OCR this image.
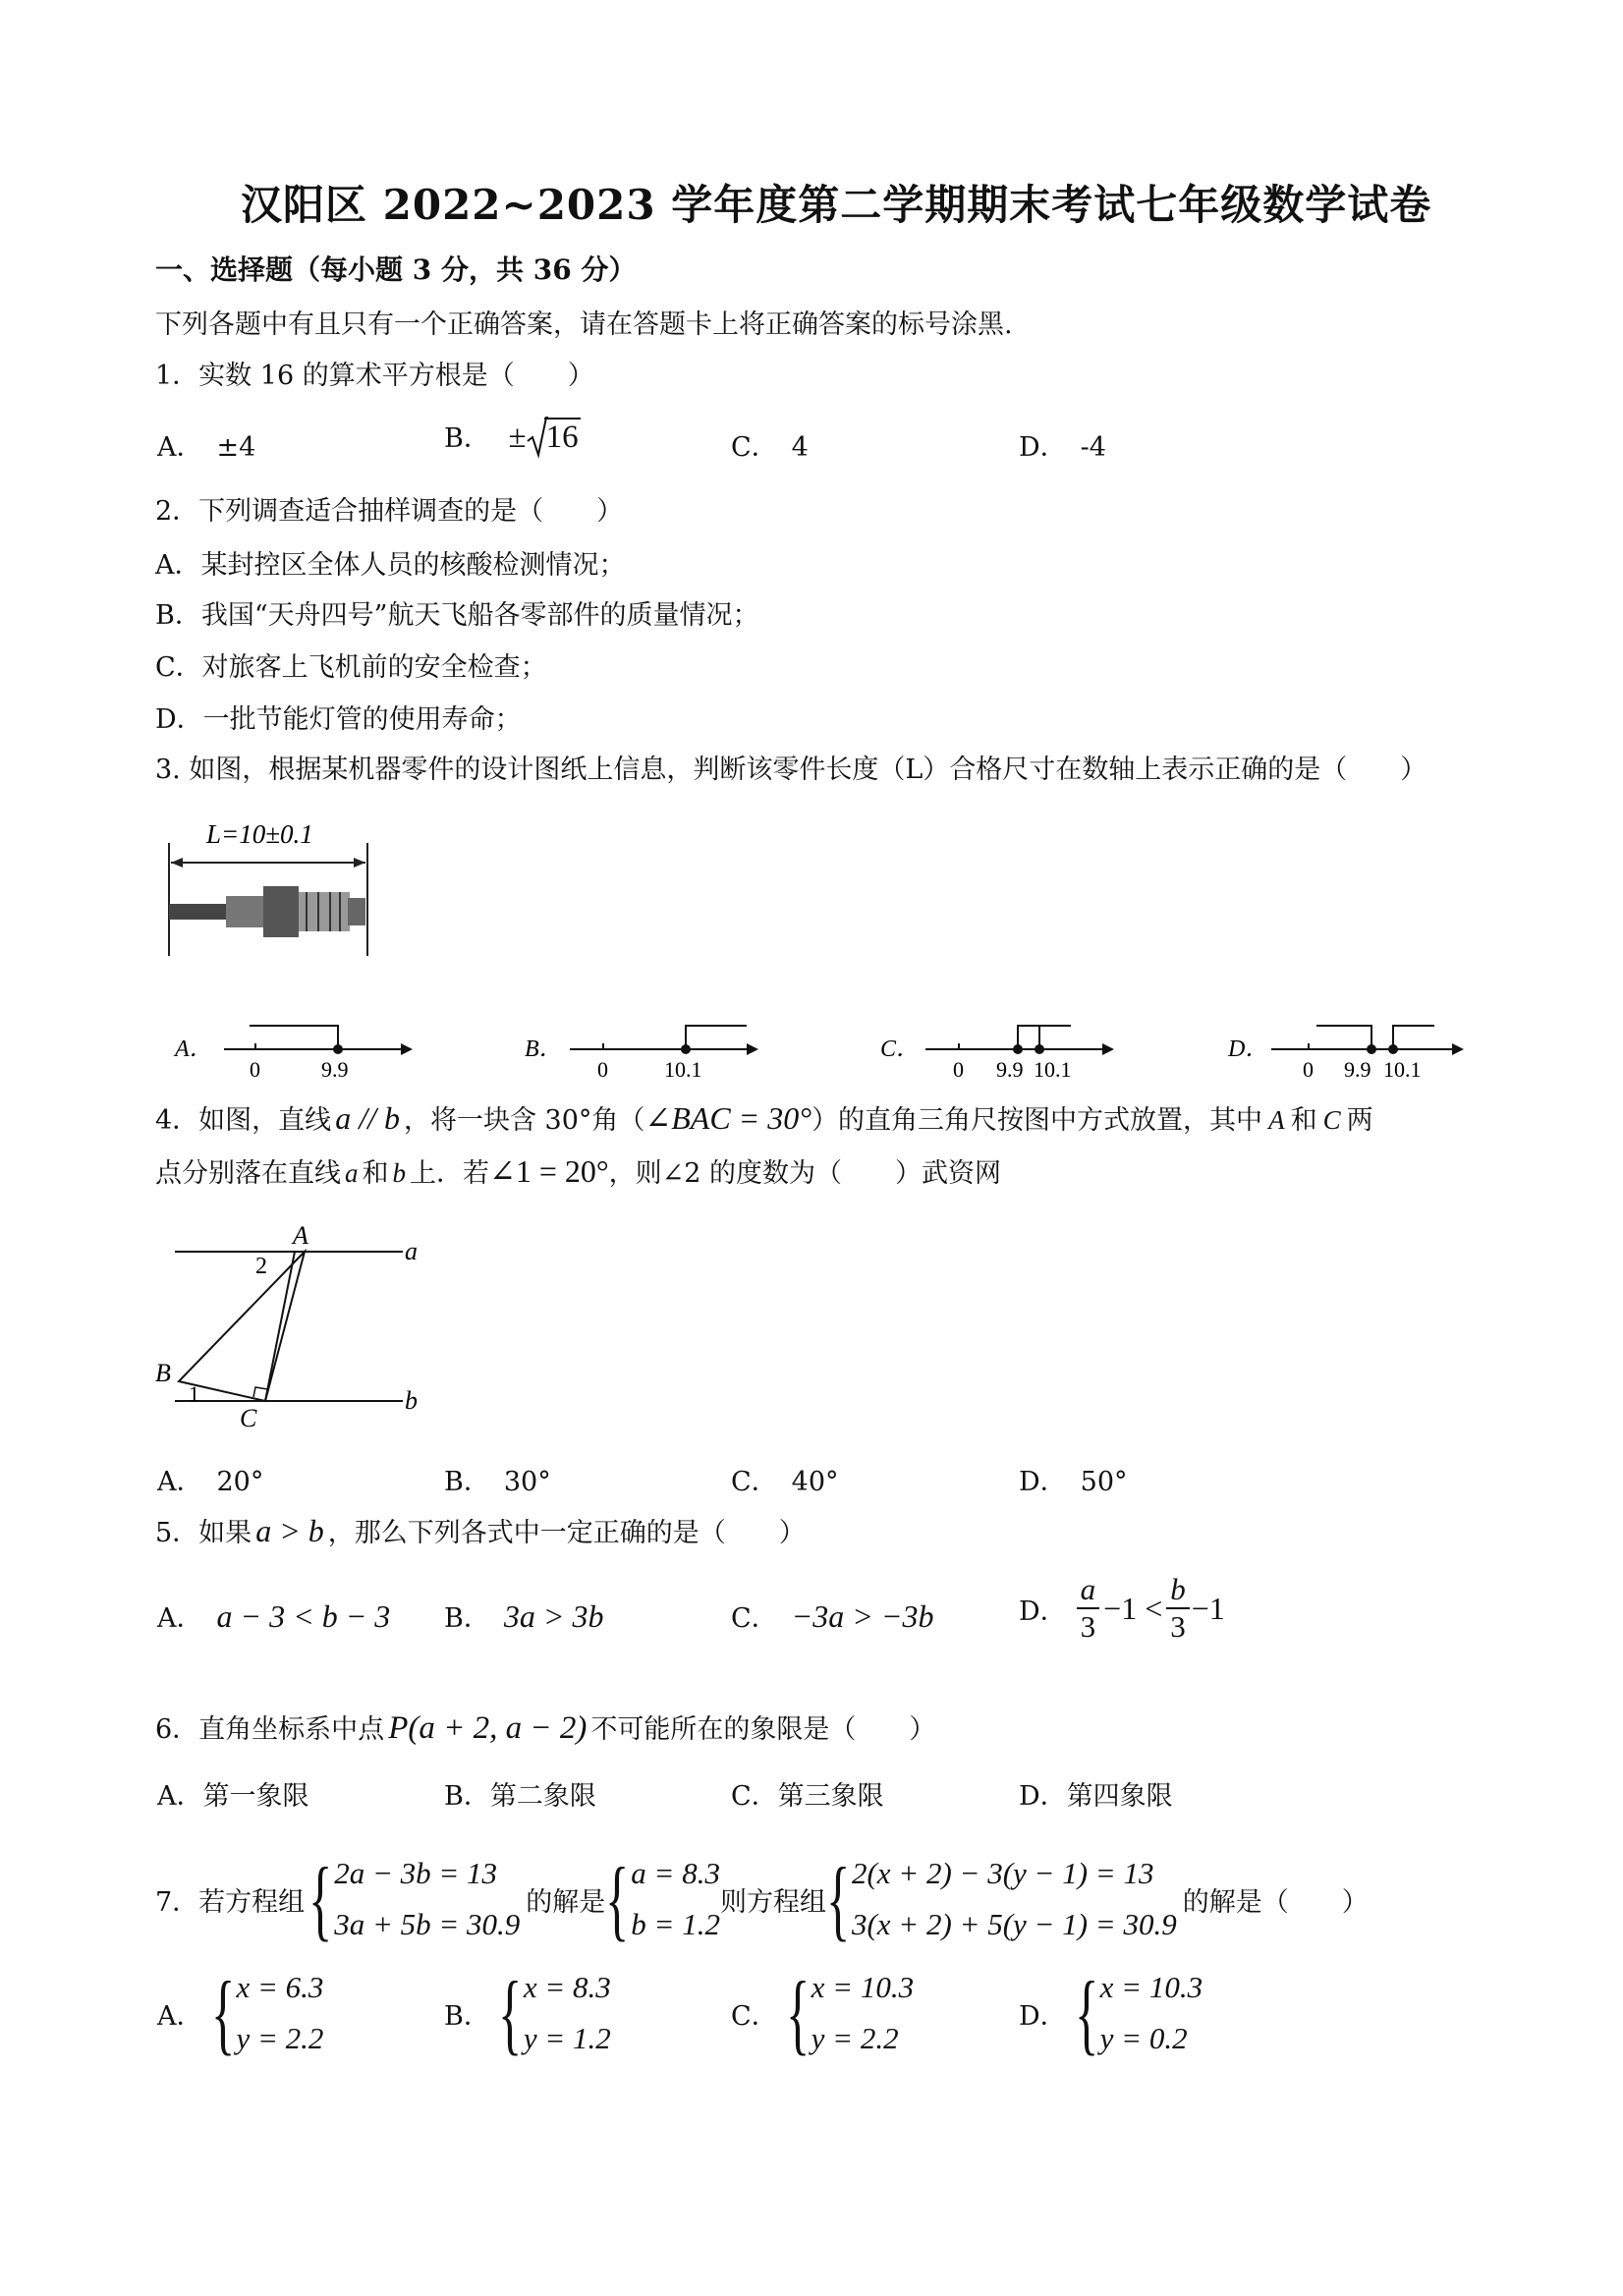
汉阳区 2022~2023 学年度第二学期期末考试七年级数学试卷
一、选择题（每小题 3 分，共 36 分）
下列各题中有且只有一个正确答案，请在答题卡上将正确答案的标号涂黑.
1．实数 16 的算术平方根是（　　）
A． ±4	B． ± 16	C． 4	D． -4
2．下列调查适合抽样调查的是（　　）
A．某封控区全体人员的核酸检测情况；
B．我国“天舟四号”航天飞船各零部件的质量情况；
C．对旅客上飞机前的安全检查；
D．一批节能灯管的使用寿命；
3. 如图，根据某机器零件的设计图纸上信息，判断该零件长度（L）合格尺寸在数轴上表示正确的是（　　）
L=10±0.1
A．
0	9.9
B．
0	10.1
C．
0 9.9 10.1
D．
0 9.9 10.1
4．如图，直线 a // b ，将一块含 30°角（∠BAC = 30°）的直角三角尺按图中方式放置，其中 A 和 C 两
点分别落在直线 a 和 b 上．若∠1 = 20°，则∠2 的度数为（　　）武资网
A
2
a
B
1
C
b
A． 20°	B． 30°	C． 40°	D． 50°
5．如果 a > b ，那么下列各式中一定正确的是（　　）
A． a − 3 < b − 3 B． 3a > 3b	C． −3a > −3b	D． $\frac{a}{3} -1 < \frac{b}{3} -1$
6．直角坐标系中点 P(a + 2, a − 2) 不可能所在的象限是（　　）
A．第一象限	B．第二象限	C．第三象限	D．第四象限
7．若方程组 { 2a − 3b = 13
3a + 5b = 30.9
的解是 { a = 8.3
b = 1.2
则方程组 { 2(x + 2) − 3(y − 1) = 13
3(x + 2) + 5(y − 1) = 30.9
的解是（　　）
A． { x = 6.3
y = 2.2
B． { x = 8.3
y = 1.2
C． { x = 10.3
y = 2.2
D． { x = 10.3
y = 0.2
